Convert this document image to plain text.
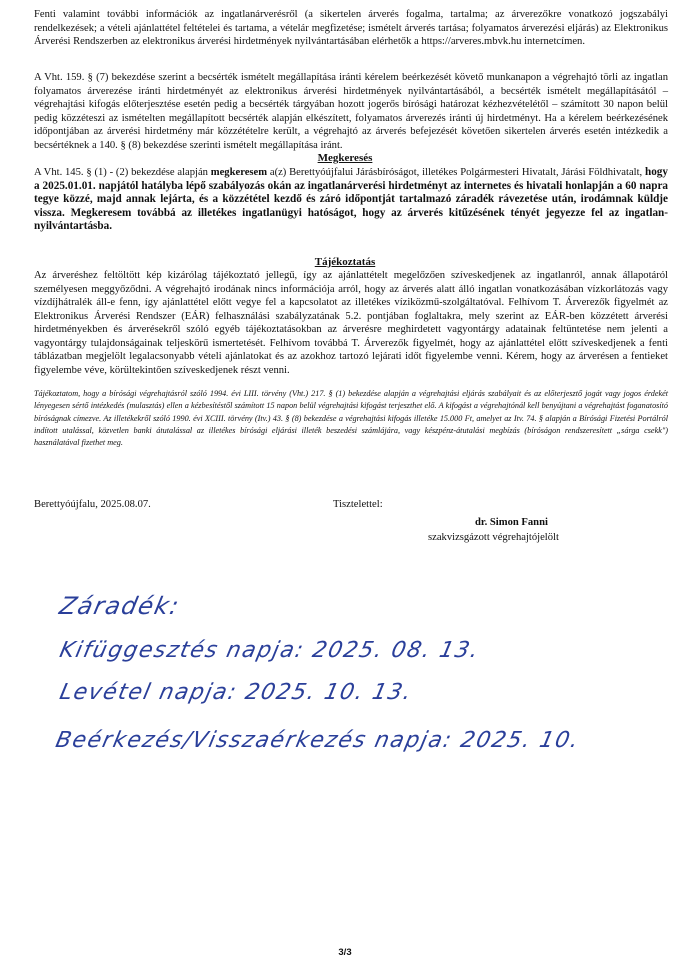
Fenti valamint további információk az ingatlanárverésről (a sikertelen árverés fogalma, tartalma; az árverezőkre vonatkozó jogszabályi rendelkezések; a vételi ajánlattétel feltételei és tartama, a vételár megfizetése; ismételt árverés tartása; folyamatos árverezési eljárás) az Elektronikus Árverési Rendszerben az elektronikus árverési hirdetmények nyilvántartásában elérhetők a https://arveres.mbvk.hu internetcímen.

A Vht. 159. § (7) bekezdése szerint a becsérték ismételt megállapítása iránti kérelem beérkezését követő munkanapon a végrehajtó törli az ingatlan folyamatos árverezése iránti hirdetményét az elektronikus árverési hirdetmények nyilvántartásából, a becsérték ismételt megállapításától – végrehajtási kifogás előterjesztése esetén pedig a becsérték tárgyában hozott jogerős bírósági határozat kézhezvételétől – számított 30 napon belül pedig közzéteszi az ismételten megállapított becsérték alapján elkészített, folyamatos árverezés iránti új hirdetményt. Ha a kérelem beérkezésének időpontjában az árverési hirdetmény már közzétételre került, a végrehajtó az árverés befejezését követően sikertelen árverés esetén intézkedik a becsértéknek a 140. § (8) bekezdése szerinti ismételt megállapítása iránt.

Megkeresés

A Vht. 145. § (1) - (2) bekezdése alapján megkeresem a(z) Berettyóújfalui Járásbíróságot, illetékes Polgármesteri Hivatalt, Járási Földhivatalt, hogy a 2025.01.01. napjától hatályba lépő szabályozás okán az ingatlanárverési hirdetményt az internetes és hivatali honlapján a 60 napra tegye közzé, majd annak lejárta, és a közzététel kezdő és záró időpontját tartalmazó záradék rávezetése után, irodámnak küldje vissza. Megkeresem továbbá az illetékes ingatlanügyi hatóságot, hogy az árverés kitűzésének tényét jegyezze fel az ingatlan-nyilvántartásba.

Tájékoztatás

Az árveréshez feltöltött kép kizárólag tájékoztató jellegű, így az ajánlattételt megelőzően szíveskedjenek az ingatlanról, annak állapotáról személyesen meggyőződni. A végrehajtó irodának nincs információja arról, hogy az árverés alatt álló ingatlan vonatkozásában vízkorlátozás vagy vízdíjhátralék áll-e fenn, így ajánlattétel előtt vegye fel a kapcsolatot az illetékes víziközmű-szolgáltatóval. Felhívom T. Árverezők figyelmét az Elektronikus Árverési Rendszer (EÁR) felhasználási szabályzatának 5.2. pontjában foglaltakra, mely szerint az EÁR-ben közzétett árverési hirdetményekben és árverésekről szóló egyéb tájékoztatásokban az árverésre meghirdetett vagyontárgy adatainak feltüntetése nem jelenti a vagyontárgy tulajdonságainak teljeskörű ismertetését. Felhívom továbbá T. Árverezők figyelmét, hogy az ajánlattétel előtt szíveskedjenek a fenti táblázatban megjelölt legalacsonyabb vételi ajánlatokat és az azokhoz tartozó lejárati időt figyelembe venni. Kérem, hogy az árverésen a fentieket figyelembe véve, körültekintően szíveskedjenek részt venni.

Tájékoztatom, hogy a bírósági végrehajtásról szóló 1994. évi LIII. törvény (Vht.) 217. § (1) bekezdése alapján a végrehajtási eljárás szabályait és az előterjesztő jogát vagy jogos érdekét lényegesen sértő intézkedés (mulasztás) ellen a kézbesítéstől számított 15 napon belül végrehajtási kifogást terjeszthet elő. A kifogást a végrehajtónál kell benyújtani a végrehajtást foganatosító bíróságnak címezve. Az illetékekről szóló 1990. évi XCIII. törvény (Itv.) 43. § (8) bekezdése a végrehajtási kifogás illetéke 15.000 Ft, amelyet az Itv. 74. § alapján a Bírósági Fizetési Portálról indított utalással, közvetlen banki átutalással az illetékes bírósági eljárási illeték beszedési számlájára, vagy készpénz-átutalási megbízás (bíróságon rendszeresített „sárga csekk") használatával fizethet meg.

Berettyóújfalu, 2025.08.07.	Tisztelettel:

dr. Simon Fanni

szakvizsgázott végrehajtójelölt

Záradék:

Kifüggesztés napja: 2025. 08. 13.

Levétel napja: 2025. 10. 13.

Beérkezés/Visszaérkezés napja: 2025. 10.

3/3
